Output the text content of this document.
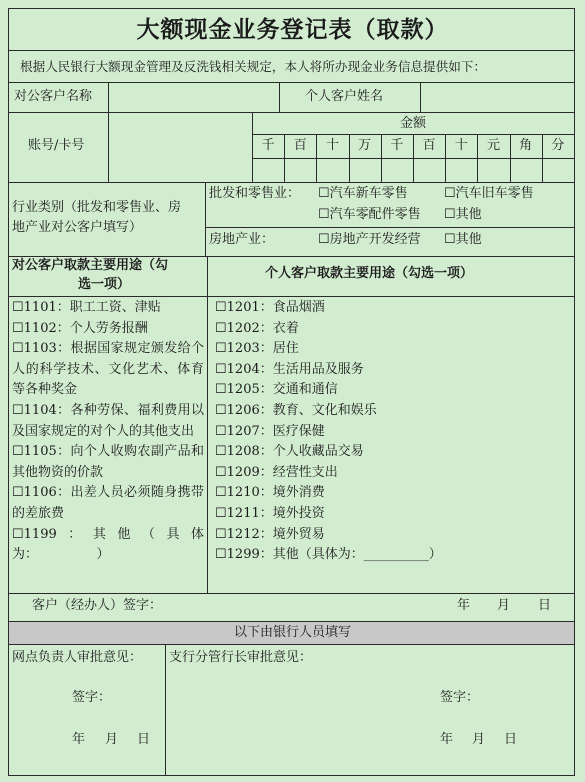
大额现金业务登记表（取款）
根据人民银行大额现金管理及反洗钱相关规定，本人将所办现金业务信息提供如下：
对公客户名称	个人客户姓名
账号/卡号
金额
千	百	十	万	千	百	十	元	角	分
行业类别（批发和零售业、房
地产业对公客户填写）
批发和零售业： ☐汽车新车零售	☐汽车旧车零售
☐汽车零配件零售 ☐其他
房地产业：	☐房地产开发经营 ☐其他
对公客户取款主要用途（勾
选一项）
个人客户取款主要用途（勾选一项）
☐1101：职工工资、津贴
☐1102：个人劳务报酬
☐1103：根据国家规定颁发给个人的科学技术、文化艺术、体育等各种奖金
☐1104：各种劳保、福利费用以及国家规定的对个人的其他支出
☐1105：向个人收购农副产品和其他物资的价款
☐1106：出差人员必须随身携带的差旅费
☐1199：其他（具体为：　　　　　）
☐1201：食品烟酒
☐1202：衣着
☐1203：居住
☐1204：生活用品及服务
☐1205：交通和通信
☐1206：教育、文化和娱乐
☐1207：医疗保健
☐1208：个人收藏品交易
☐1209：经营性支出
☐1210：境外消费
☐1211：境外投资
☐1212：境外贸易
☐1299：其他（具体为：__________）
客户（经办人）签字：	年 月 日
以下由银行人员填写
网点负责人审批意见：
签字：
年 月 日
支行分管行长审批意见：
签字：
年 月 日
